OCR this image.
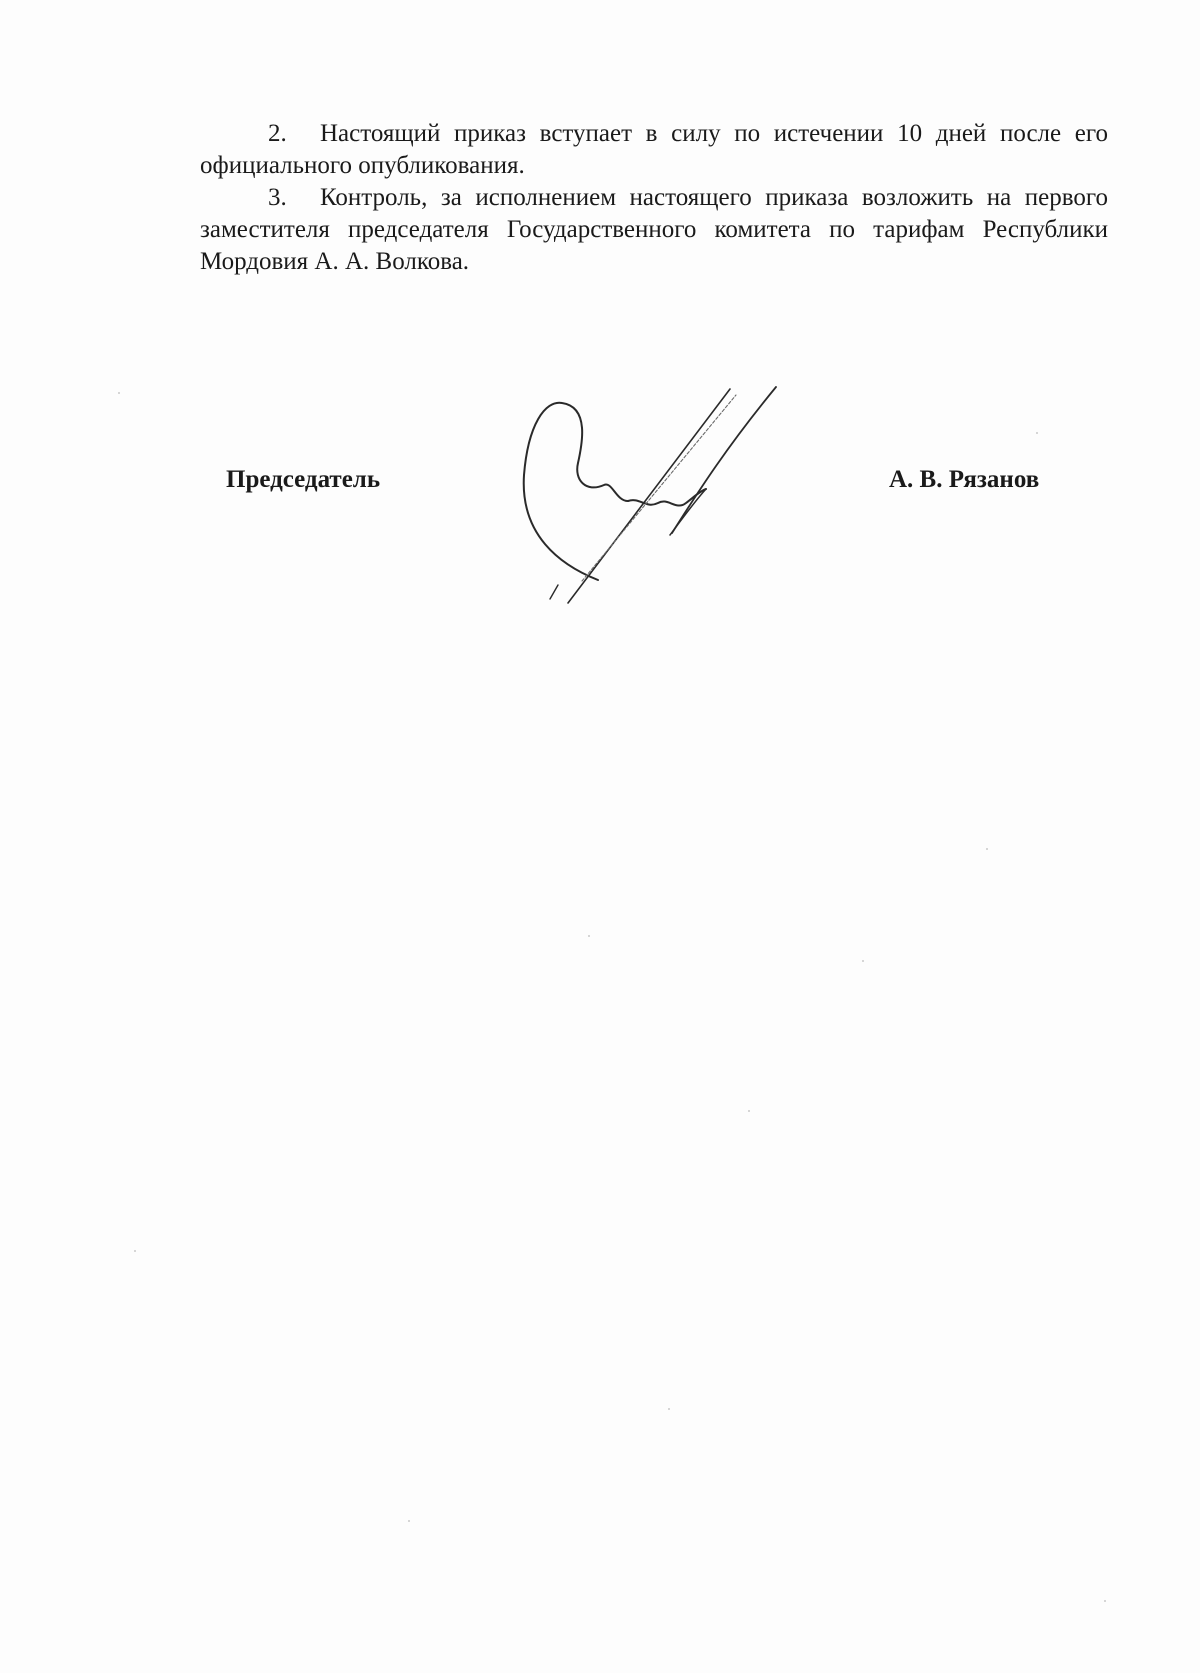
2. Настоящий приказ вступает в силу по истечении 10 дней после его официального опубликования.

3. Контроль, за исполнением настоящего приказа возложить на первого заместителя председателя Государственного комитета по тарифам Республики Мордовия А. А. Волкова.

Председатель	А. В. Рязанов
